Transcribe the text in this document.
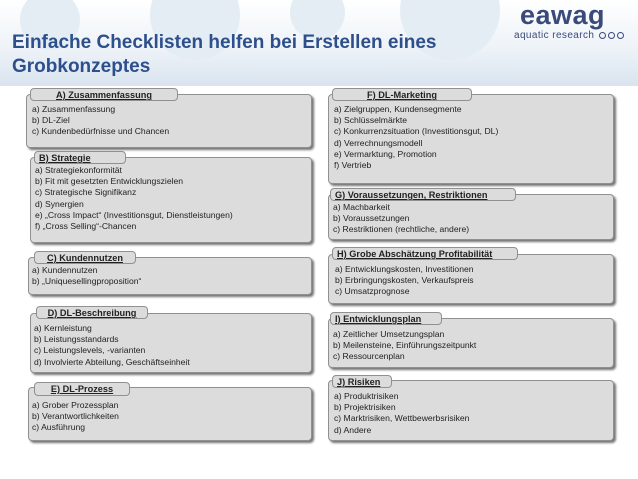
eawag
aquatic research
Einfache Checklisten helfen bei Erstellen eines Grobkonzeptes
A) Zusammenfassung
a) Zusammenfassung
b) DL-Ziel
c) Kundenbedürfnisse und Chancen
B) Strategie
a) Strategiekonformität
b) Fit mit gesetzten Entwicklungszielen
c) Strategische Signifikanz
d) Synergien
e) „Cross Impact“ (Investitionsgut, Dienstleistungen)
f) „Cross Selling“-Chancen
C) Kundennutzen
a) Kundennutzen
b) „Uniquesellingproposition“
D) DL-Beschreibung
a) Kernleistung
b) Leistungsstandards
c) Leistungslevels, -varianten
d) Involvierte Abteilung, Geschäftseinheit
E) DL-Prozess
a) Grober Prozessplan
b) Verantwortlichkeiten
c) Ausführung
F) DL-Marketing
a) Zielgruppen, Kundensegmente
b) Schlüsselmärkte
c) Konkurrenzsituation (Investitionsgut, DL)
d) Verrechnungsmodell
e) Vermarktung, Promotion
f) Vertrieb
G) Voraussetzungen, Restriktionen
a) Machbarkeit
b) Voraussetzungen
c) Restriktionen (rechtliche, andere)
H) Grobe Abschätzung Profitabilität
a) Entwicklungskosten, Investitionen
b) Erbringungskosten, Verkaufspreis
c) Umsatzprognose
I) Entwicklungsplan
a) Zeitlicher Umsetzungsplan
b) Meilensteine, Einführungszeitpunkt
c) Ressourcenplan
J) Risiken
a) Produktrisiken
b) Projektrisiken
c) Marktrisiken, Wettbewerbsrisiken
d) Andere
